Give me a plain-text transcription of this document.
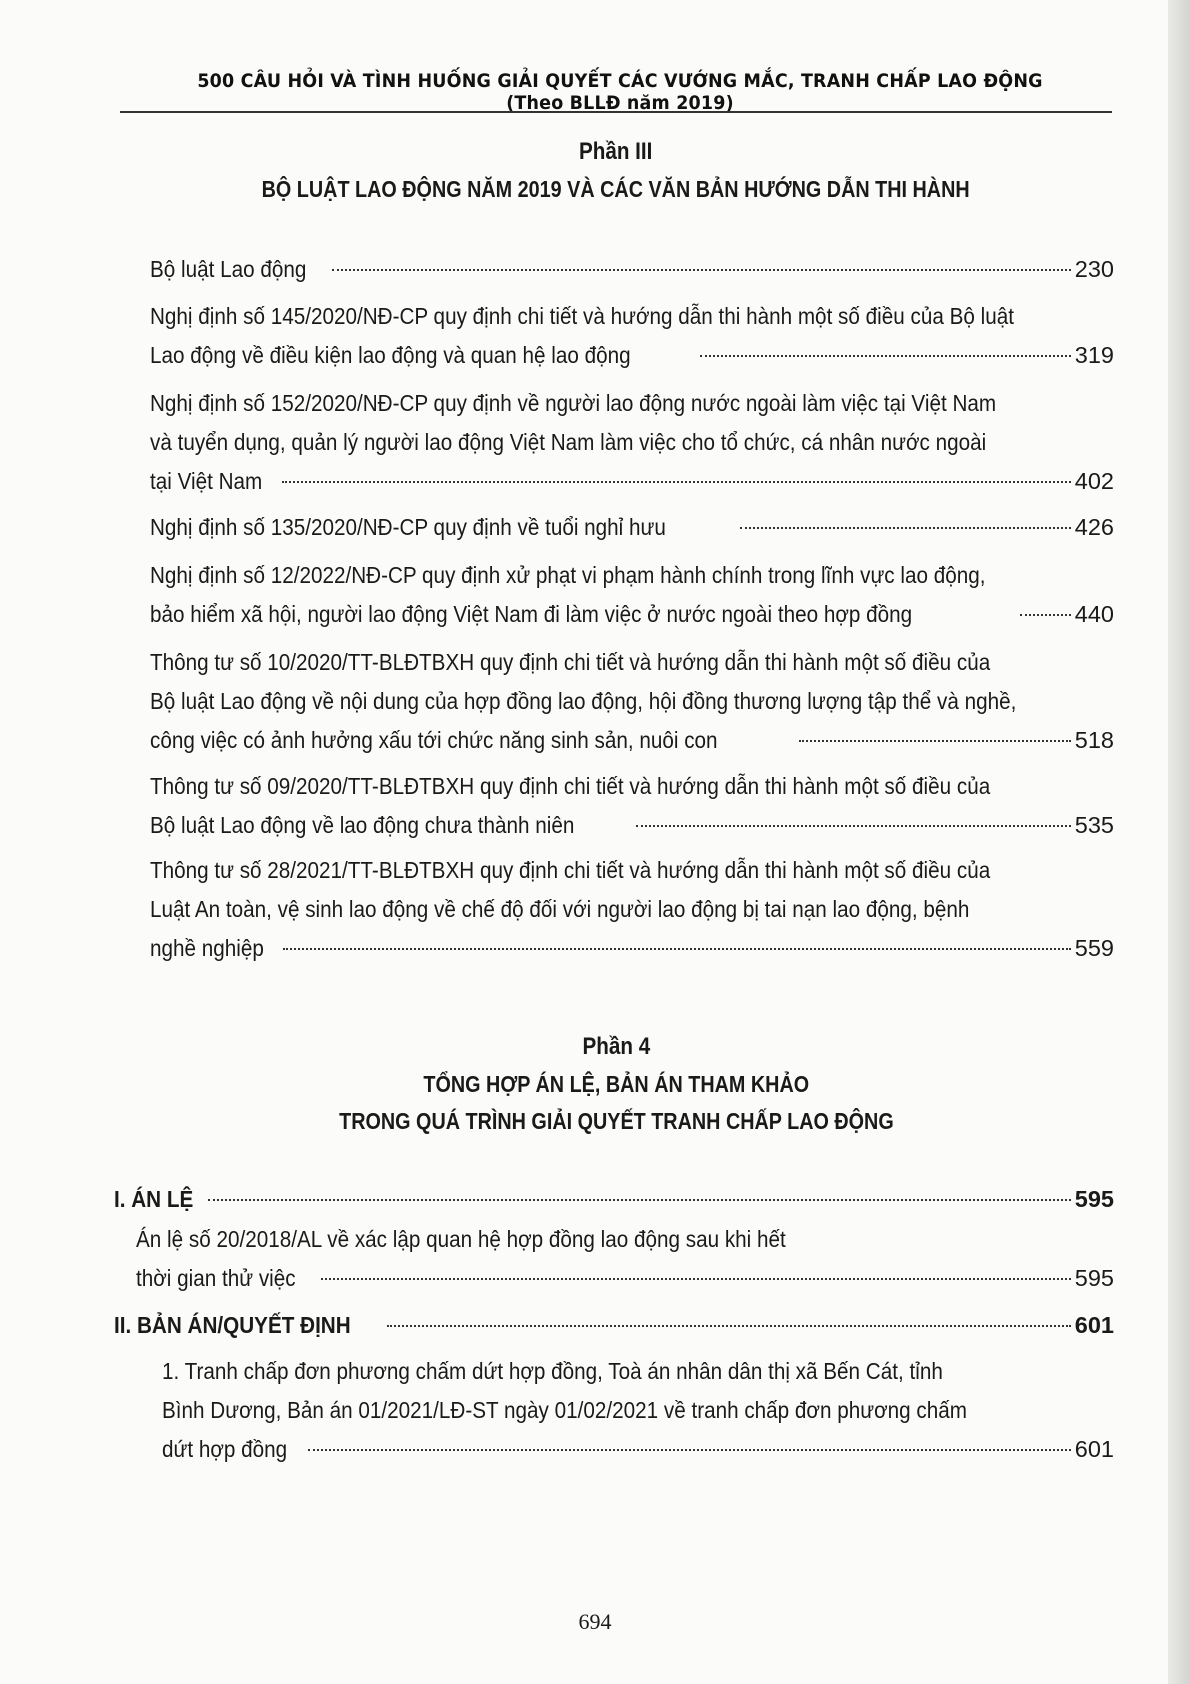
500 CÂU HỎI VÀ TÌNH HUỐNG GIẢI QUYẾT CÁC VƯỚNG MẮC, TRANH CHẤP LAO ĐỘNG (Theo BLLĐ năm 2019)
Phần III
BỘ LUẬT LAO ĐỘNG NĂM 2019 VÀ CÁC VĂN BẢN HƯỚNG DẪN THI HÀNH
Bộ luật Lao động	230
Nghị định số 145/2020/NĐ-CP quy định chi tiết và hướng dẫn thi hành một số điều của Bộ luật
Lao động về điều kiện lao động và quan hệ lao động	319
Nghị định số 152/2020/NĐ-CP quy định về người lao động nước ngoài làm việc tại Việt Nam
và tuyển dụng, quản lý người lao động Việt Nam làm việc cho tổ chức, cá nhân nước ngoài
tại Việt Nam	402
Nghị định số 135/2020/NĐ-CP quy định về tuổi nghỉ hưu	426
Nghị định số 12/2022/NĐ-CP quy định xử phạt vi phạm hành chính trong lĩnh vực lao động,
bảo hiểm xã hội, người lao động Việt Nam đi làm việc ở nước ngoài theo hợp đồng	440
Thông tư số 10/2020/TT-BLĐTBXH quy định chi tiết và hướng dẫn thi hành một số điều của
Bộ luật Lao động về nội dung của hợp đồng lao động, hội đồng thương lượng tập thể và nghề,
công việc có ảnh hưởng xấu tới chức năng sinh sản, nuôi con	518
Thông tư số 09/2020/TT-BLĐTBXH quy định chi tiết và hướng dẫn thi hành một số điều của
Bộ luật Lao động về lao động chưa thành niên	535
Thông tư số 28/2021/TT-BLĐTBXH quy định chi tiết và hướng dẫn thi hành một số điều của
Luật An toàn, vệ sinh lao động về chế độ đối với người lao động bị tai nạn lao động, bệnh
nghề nghiệp	559
Phần 4
TỔNG HỢP ÁN LỆ, BẢN ÁN THAM KHẢO
TRONG QUÁ TRÌNH GIẢI QUYẾT TRANH CHẤP LAO ĐỘNG
I. ÁN LỆ	595
Án lệ số 20/2018/AL về xác lập quan hệ hợp đồng lao động sau khi hết
thời gian thử việc	595
II. BẢN ÁN/QUYẾT ĐỊNH	601
1. Tranh chấp đơn phương chấm dứt hợp đồng, Toà án nhân dân thị xã Bến Cát, tỉnh
Bình Dương, Bản án 01/2021/LĐ-ST ngày 01/02/2021 về tranh chấp đơn phương chấm
dứt hợp đồng	601
694
